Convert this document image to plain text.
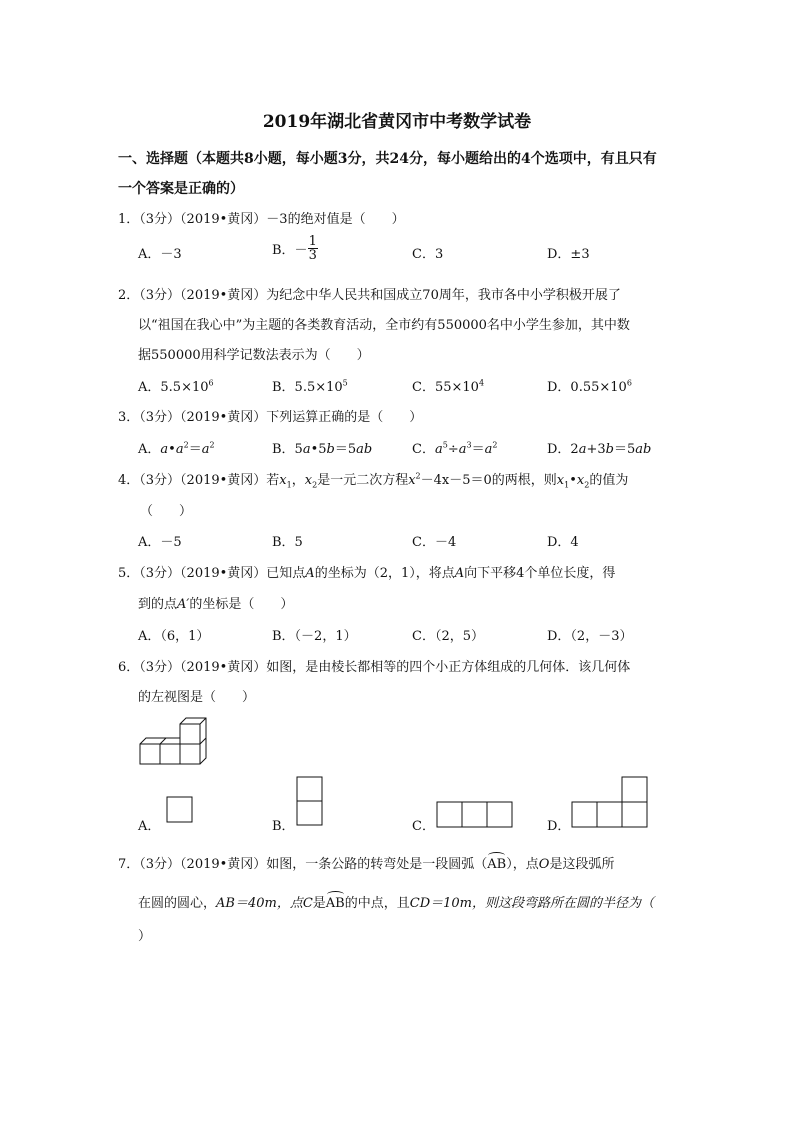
2019年湖北省黄冈市中考数学试卷
一、选择题（本题共8小题，每小题3分，共24分，每小题给出的4个选项中，有且只有
一个答案是正确的）
1．（3分）（2019•黄冈）－3的绝对值是（　　）
A．－3	B．－ $\frac{1}{3}$	C．3	D．±3
2．（3分）（2019•黄冈）为纪念中华人民共和国成立70周年，我市各中小学积极开展了
以“祖国在我心中”为主题的各类教育活动，全市约有550000名中小学生参加，其中数
据550000用科学记数法表示为（　　）
A．$5.5\times 10^6$	B．$5.5\times 10^5$	C．$55\times 10^4$	D．$0.55\times 10^6$
3．（3分）（2019•黄冈）下列运算正确的是（　　）
A．$a•a^2=a^2$	B．5a•5b＝5ab	C．$a^5\div a^3=a^2$	D．2a+3b＝5ab
4．（3分）（2019•黄冈）若$x_1$，$x_2$是一元二次方程$x^2-4x-5=0$的两根，则$x_1•x_2$的值为
（　　）
A．－5	B．5	C．－4	D．4
5．（3分）（2019•黄冈）已知点A的坐标为（2，1），将点A向下平移4个单位长度，得
到的点A′的坐标是（　　）
A．（6，1）	B．（－2，1）	C．（2，5）	D．（2，－3）
6．（3分）（2019•黄冈）如图，是由棱长都相等的四个小正方体组成的几何体．该几何体
的左视图是（　　）
A．	B．	C．	D．
7．（3分）（2019•黄冈）如图，一条公路的转弯处是一段圆弧（AB），点O是这段弧所
在圆的圆心，AB＝40m，点C是AB的中点，且CD＝10m，则这段弯路所在圆的半径为（
）
